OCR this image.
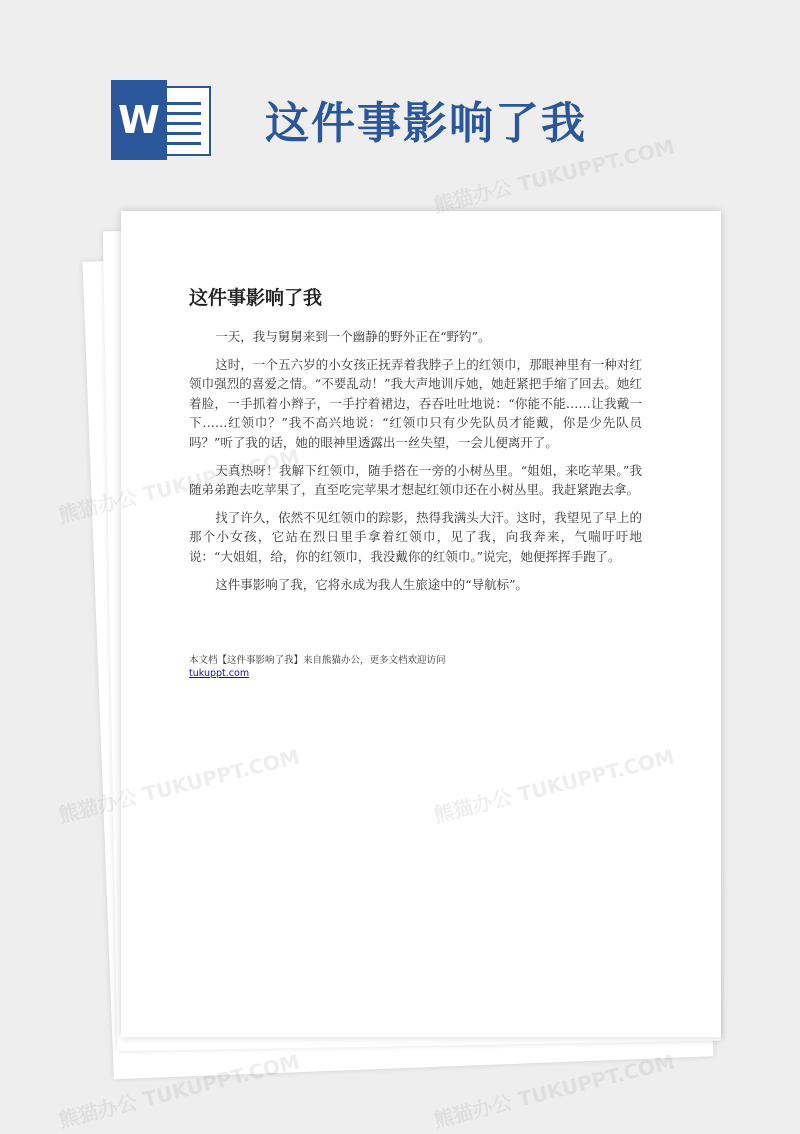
W 这件事影响了我
这件事影响了我

一天，我与舅舅来到一个幽静的野外正在“野钓”。

这时，一个五六岁的小女孩正抚弄着我脖子上的红领巾，那眼神里有一种对红领巾强烈的喜爱之情。“不要乱动！”我大声地训斥她，她赶紧把手缩了回去。她红着脸，一手抓着小辫子，一手拧着裙边，吞吞吐吐地说：“你能不能……让我戴一下……红领巾？”我不高兴地说：“红领巾只有少先队员才能戴，你是少先队员吗？”听了我的话，她的眼神里透露出一丝失望，一会儿便离开了。

天真热呀！我解下红领巾，随手搭在一旁的小树丛里。“姐姐，来吃苹果。”我随弟弟跑去吃苹果了，直至吃完苹果才想起红领巾还在小树丛里。我赶紧跑去拿。

找了许久，依然不见红领巾的踪影，热得我满头大汗。这时，我望见了早上的那个小女孩，它站在烈日里手拿着红领巾，见了我，向我奔来，气喘吁吁地说：“大姐姐，给，你的红领巾，我没戴你的红领巾。”说完，她便挥挥手跑了。

这件事影响了我，它将永成为我人生旅途中的“导航标”。

本文档【这件事影响了我】来自熊猫办公，更多文档欢迎访问
tukuppt.com
熊猫办公 TUKUPPT.COM
熊猫办公
熊猫办公 TUKUPPT.COM
熊猫办公 TUKUPPT.COM
